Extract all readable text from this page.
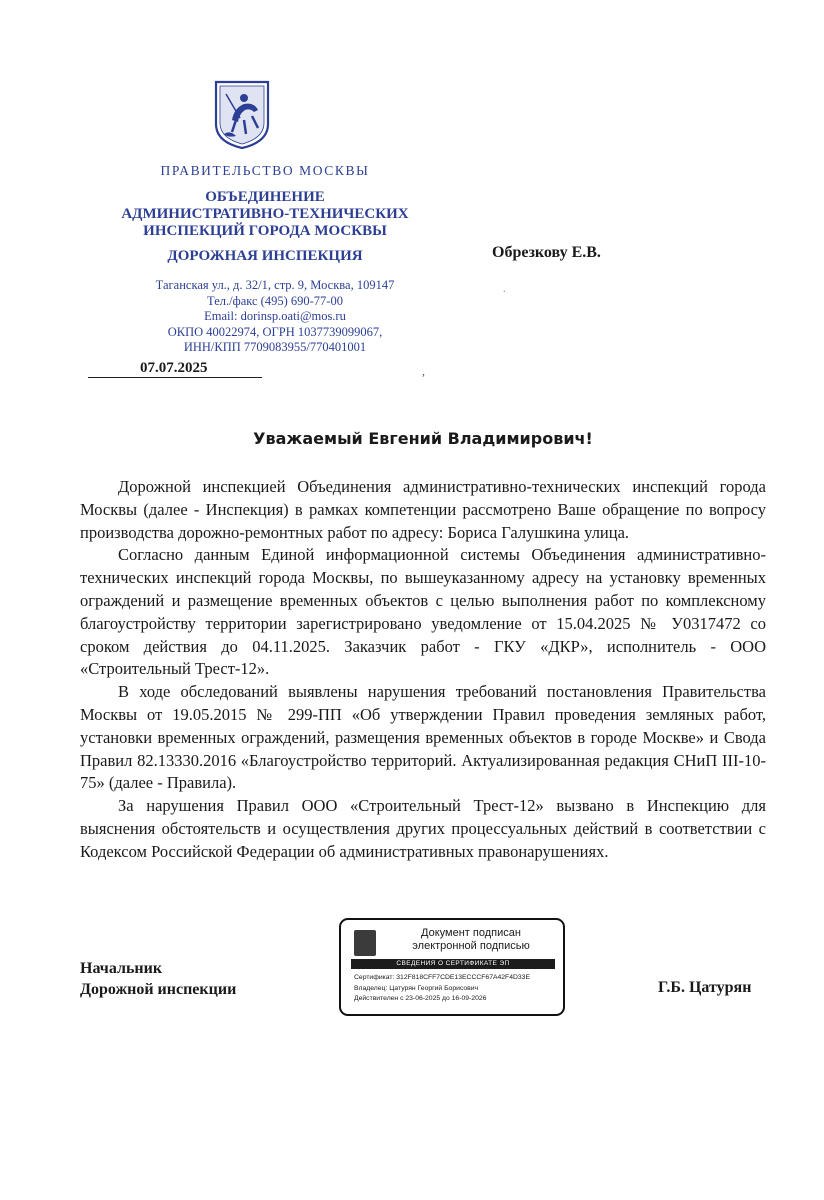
ПРАВИТЕЛЬСТВО МОСКВЫ
ОБЪЕДИНЕНИЕ
АДМИНИСТРАТИВНО-ТЕХНИЧЕСКИХ
ИНСПЕКЦИЙ ГОРОДА МОСКВЫ
ДОРОЖНАЯ ИНСПЕКЦИЯ
Таганская ул., д. 32/1, стр. 9, Москва, 109147
Тел./факс (495) 690-77-00
Email: dorinsp.oati@mos.ru
ОКПО 40022974, ОГРН 1037739099067,
ИНН/КПП 7709083955/770401001
Обрезкову Е.В.
.
07.07.2025	,
Уважаемый Евгений Владимирович!

Дорожной инспекцией Объединения административно-технических инспекций города Москвы (далее - Инспекция) в рамках компетенции рассмотрено Ваше обращение по вопросу производства дорожно-ремонтных работ по адресу: Бориса Галушкина улица.

Согласно данным Единой информационной системы Объединения административно-технических инспекций города Москвы, по вышеуказанному адресу на установку временных ограждений и размещение временных объектов с целью выполнения работ по комплексному благоустройству территории зарегистрировано уведомление от 15.04.2025 № У0317472 со сроком действия до 04.11.2025. Заказчик работ - ГКУ «ДКР», исполнитель - ООО «Строительный Трест-12».

В ходе обследований выявлены нарушения требований постановления Правительства Москвы от 19.05.2015 № 299-ПП «Об утверждении Правил проведения земляных работ, установки временных ограждений, размещения временных объектов в городе Москве» и Свода Правил 82.13330.2016 «Благоустройство территорий. Актуализированная редакция СНиП III-10-75» (далее - Правила).

За нарушения Правил ООО «Строительный Трест-12» вызвано в Инспекцию для выяснения обстоятельств и осуществления других процессуальных действий в соответствии с Кодексом Российской Федерации об административных правонарушениях.

Начальник
Дорожной инспекции
Документ подписан
электронной подписью
СВЕДЕНИЯ О СЕРТИФИКАТЕ ЭП
Сертификат: 312F818CFF7CDE13ECCCF67A42F4D33E
Владелец: Цатурян Георгий Борисович
Действителен с 23-06-2025 до 16-09-2026
Г.Б. Цатурян
